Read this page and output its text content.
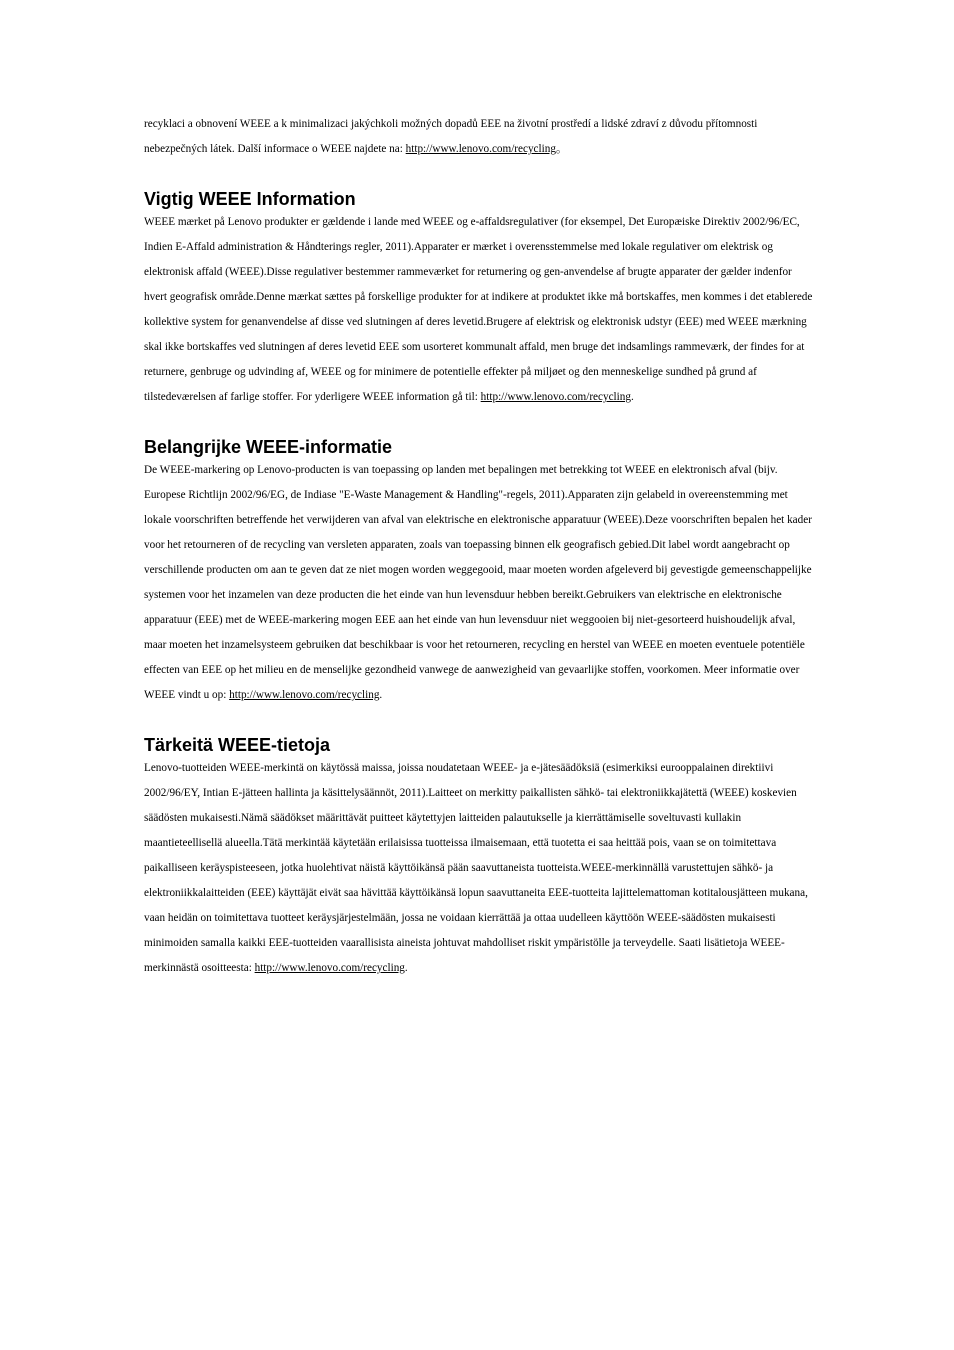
recyklaci a obnovení WEEE a k minimalizaci jakýchkoli možných dopadů EEE na životní prostředí a lidské zdraví z důvodu přítomnosti nebezpečných látek. Další informace o WEEE najdete na: http://www.lenovo.com/recycling。

Vigtig WEEE Information

WEEE mærket på Lenovo produkter er gældende i lande med WEEE og e-affaldsregulativer (for eksempel, Det Europæiske Direktiv 2002/96/EC, Indien E-Affald administration & Håndterings regler, 2011).Apparater er mærket i overensstemmelse med lokale regulativer om elektrisk og elektronisk affald (WEEE).Disse regulativer bestemmer rammeværket for returnering og gen-anvendelse af brugte apparater der gælder indenfor hvert geografisk område.Denne mærkat sættes på forskellige produkter for at indikere at produktet ikke må bortskaffes, men kommes i det etablerede kollektive system for genanvendelse af disse ved slutningen af deres levetid.Brugere af elektrisk og elektronisk udstyr (EEE) med WEEE mærkning skal ikke bortskaffes ved slutningen af deres levetid EEE som usorteret kommunalt affald, men bruge det indsamlings rammeværk, der findes for at returnere, genbruge og udvinding af, WEEE og for minimere de potentielle effekter på miljøet og den menneskelige sundhed på grund af tilstedeværelsen af farlige stoffer. For yderligere WEEE information gå til: http://www.lenovo.com/recycling.

Belangrijke WEEE-informatie

De WEEE-markering op Lenovo-producten is van toepassing op landen met bepalingen met betrekking tot WEEE en elektronisch afval (bijv. Europese Richtlijn 2002/96/EG, de Indiase "E-Waste Management & Handling"-regels, 2011).Apparaten zijn gelabeld in overeenstemming met lokale voorschriften betreffende het verwijderen van afval van elektrische en elektronische apparatuur (WEEE).Deze voorschriften bepalen het kader voor het retourneren of de recycling van versleten apparaten, zoals van toepassing binnen elk geografisch gebied.Dit label wordt aangebracht op verschillende producten om aan te geven dat ze niet mogen worden weggegooid, maar moeten worden afgeleverd bij gevestigde gemeenschappelijke systemen voor het inzamelen van deze producten die het einde van hun levensduur hebben bereikt.Gebruikers van elektrische en elektronische apparatuur (EEE) met de WEEE-markering mogen EEE aan het einde van hun levensduur niet weggooien bij niet-gesorteerd huishoudelijk afval, maar moeten het inzamelsysteem gebruiken dat beschikbaar is voor het retourneren, recycling en herstel van WEEE en moeten eventuele potentiële effecten van EEE op het milieu en de menselijke gezondheid vanwege de aanwezigheid van gevaarlijke stoffen, voorkomen. Meer informatie over WEEE vindt u op: http://www.lenovo.com/recycling.

Tärkeitä WEEE-tietoja

Lenovo-tuotteiden WEEE-merkintä on käytössä maissa, joissa noudatetaan WEEE- ja e-jätesäädöksiä (esimerkiksi eurooppalainen direktiivi 2002/96/EY, Intian E-jätteen hallinta ja käsittelysäännöt, 2011).Laitteet on merkitty paikallisten sähkö- tai elektroniikkajätettä (WEEE) koskevien säädösten mukaisesti.Nämä säädökset määrittävät puitteet käytettyjen laitteiden palautukselle ja kierrättämiselle soveltuvasti kullakin maantieteellisellä alueella.Tätä merkintää käytetään erilaisissa tuotteissa ilmaisemaan, että tuotetta ei saa heittää pois, vaan se on toimitettava paikalliseen keräyspisteeseen, jotka huolehtivat näistä käyttöikänsä pään saavuttaneista tuotteista.WEEE-merkinnällä varustettujen sähkö- ja elektroniikkalaitteiden (EEE) käyttäjät eivät saa hävittää käyttöikänsä lopun saavuttaneita EEE-tuotteita lajittelemattoman kotitalousjätteen mukana, vaan heidän on toimitettava tuotteet keräysjärjestelmään, jossa ne voidaan kierrättää ja ottaa uudelleen käyttöön WEEE-säädösten mukaisesti minimoiden samalla kaikki EEE-tuotteiden vaarallisista aineista johtuvat mahdolliset riskit ympäristölle ja terveydelle. Saati lisätietoja WEEE-merkinnästä osoitteesta: http://www.lenovo.com/recycling.
